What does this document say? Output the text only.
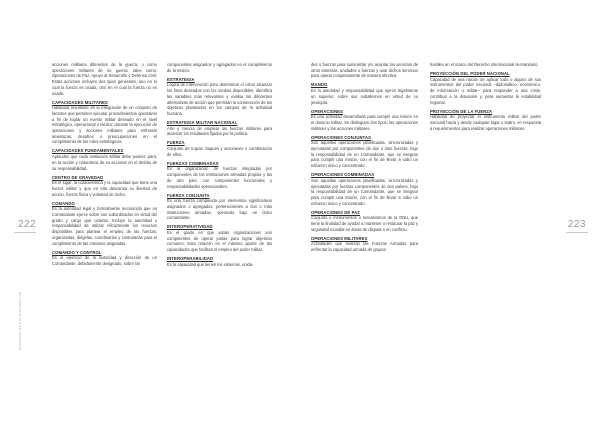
222	223
GLOSARIO DE CULTURA MILITAR

acciones militares diferentes de la guerra, o como operaciones militares de no guerra, tales como: Operaciones de Paz, Apoyo al Desarrollo y Defensa Civil. Estas acciones incluyen dos tipos generales, uno en el cual la fuerza es usada, otro en el cual la fuerza no es usada.

CAPACIDADES MILITARES

Habilidad resultante de la integración de un conjunto de factores que permiten ejecutar procedimientos operativos a fin de lograr un evento militar deseado en el nivel estratégico, operacional o táctico; durante la ejecución de operaciones y acciones militares para enfrentar amenazas, desafíos o preocupaciones en el cumplimiento de los roles estratégicos.

CAPACIDADES FUNDAMENTALES

Aptitudes que cada Institución Militar debe poseer, para, en la acción y naturaleza de su accionar en el ámbito de su responsabilidad.

CENTRO DE GRAVEDAD

Es el lugar, la característica y la capacidad que tiene una fuerza militar y que en ella descansa su libertad de acción, fuerza física y voluntad de lucha.

COMANDO

Es la autoridad legal y formalmente reconocida que un Comandante ejerce sobre sus subordinados en virtud del grado y cargo que ostenta. Incluye la autoridad y responsabilidad de utilizar eficazmente los recursos disponibles para planear el empleo de las fuerzas, organizarlas, dirigirlas, coordinarlas y controlarlas para el cumplimiento de las misiones asignadas.

COMANDO Y CONTROL

Es el ejercicio de la autoridad y dirección de un Comandante, debidamente designado, sobre los

componentes asignados y agregados en el cumplimiento de la misión.

ESTRATEGIA

Lógica de intervención para determinar el cómo alcanzar los fines deseados con los medios disponibles, identifica las variables más relevantes y evalúa las diferentes alternativas de acción que permitan la consecución de los objetivos planteados en los campos de la actividad humana.

ESTRATEGIA MILITAR NACIONAL

Arte y ciencia de emplear las fuerzas militares para alcanzar los resultados fijados por la política.

FUERZA

Conjunto de tropas, buques y aeronaves o combinación de ellos.

FUERZAS COMBINADAS

Es la organización de fuerzas integradas por componentes de las instituciones armadas propias y las de otro país, con componentes funcionales y responsabilidades operacionales.

FUERZA CONJUNTA

Es una fuerza compuesta por elementos significativos asignados o agregados, pertenecientes a dos o más instituciones armadas, operando bajo un único comandante.

INTEROPERATIVIDAD

Es el grado en que varias organizaciones son competentes de operar juntas para lograr objetivos comunes. Esta relación es el máximo aporte de las capacidades que facilitan el empleo del poder militar.

INTEROPERABILIDAD

Es la capacidad que tienen los sistemas, unida-

des o fuerzas para suministrar y/o aceptar los servicios de otros sistemas, unidades o fuerzas y usar dichos servicios para operar conjuntamente de manera efectiva.

MANDO

Es la autoridad y responsabilidad que ejerce legalmente un superior, sobre sus subalternos en virtud de su jerarquía.

OPERACIONES

Es una actividad desarrollada para cumplir una misión en el dominio militar. Se distinguen dos tipos: las operaciones militares y las acciones militares.

OPERACIONES CONJUNTAS

Son aquellas operaciones planificadas, sincronizadas y ejecutadas por componentes de dos o más fuerzas, bajo la responsabilidad de un Comandante, que se integran para cumplir una misión, con el fin de llevar a cabo un esfuerzo único y concentrado.

OPERACIONES COMBINADAS

Son aquellas operaciones planificadas, sincronizadas y ejecutadas por fuerzas componentes de dos países, bajo la responsabilidad de un Comandante, que se integran para cumplir una misión, con el fin de llevar a cabo un esfuerzo único y concentrado.

OPERACIONES DE PAZ

Conjunto e instrumentos o mecanismos de la ONU, que tiene la finalidad de ayudar a mantener o restaurar la paz y seguridad mundial en áreas de disputa o en conflicto.

OPERACIONES MILITARES

Actividades que realizan las Fuerzas Armadas para enfrentar la capacidad armada de grupos

hostiles en el marco del Derecho Internacional Humanitario.

PROYECCIÓN DEL PODER NACIONAL

Capacidad de una nación de aplicar todo o alguno de sus instrumentos del poder nacional –diplomático, económico, de información o militar– para responder a una crisis, contribuir a la disuasión y, para aumentar la estabilidad regional.

PROYECCIÓN DE LA FUERZA

Habilidad de proyectar el instrumento militar del poder nacional hacia y desde cualquier lugar o teatro, en respuesta a requerimientos para realizar operaciones militares.
